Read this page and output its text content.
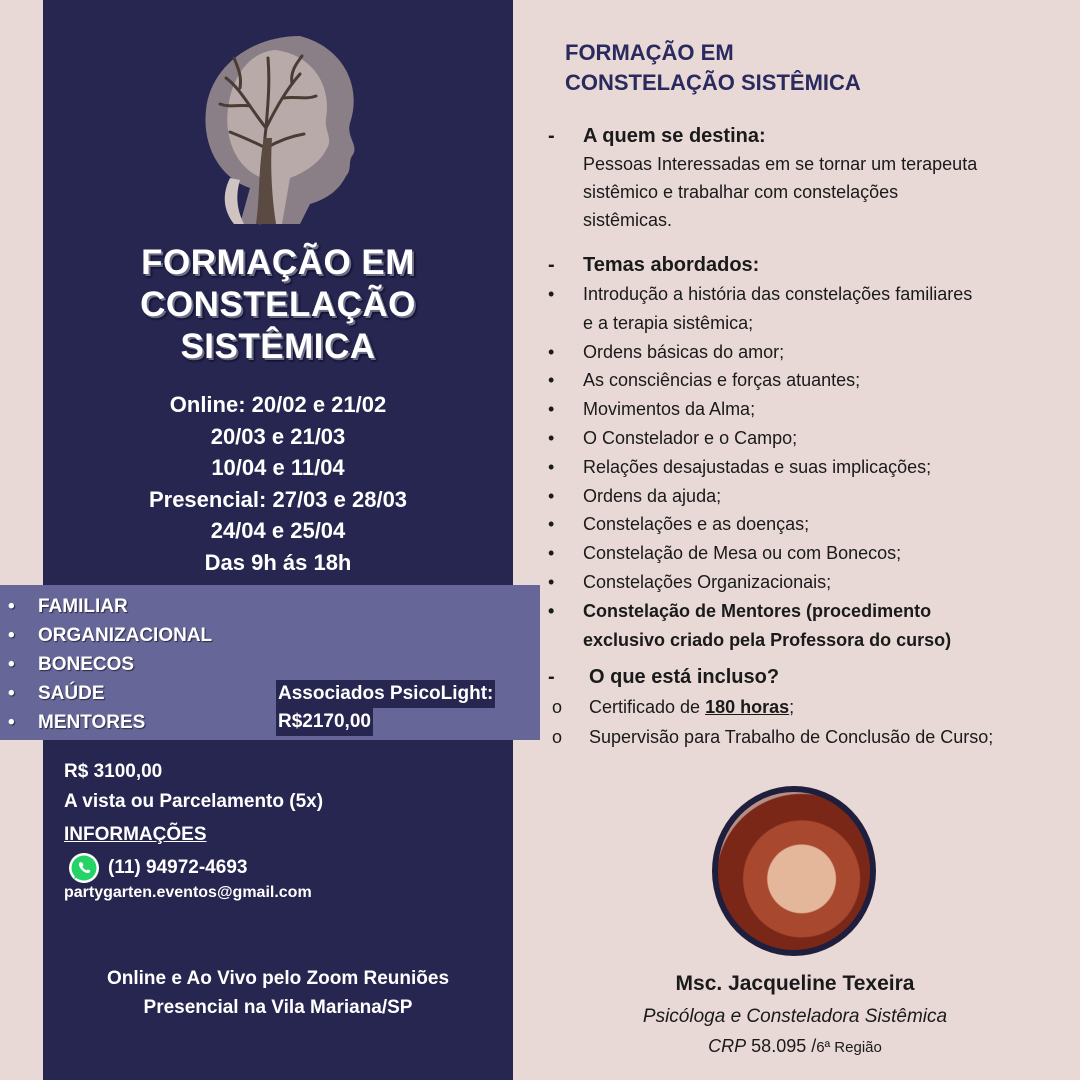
FORMAÇÃO EM
CONSTELAÇÃO
SISTÊMICA
Online: 20/02 e 21/02
20/03 e 21/03
10/04 e 11/04
Presencial: 27/03 e 28/03
24/04 e 25/04
Das 9h ás 18h
• FAMILIAR
• ORGANIZACIONAL
• BONECOS
• SAÚDE
• MENTORES
Associados PsicoLight:
R$2170,00
R$ 3100,00
A vista ou Parcelamento (5x)
INFORMAÇÕES
(11) 94972-4693
partygarten.eventos@gmail.com
Online e Ao Vivo pelo Zoom Reuniões
Presencial na Vila Mariana/SP
FORMAÇÃO EM
CONSTELAÇÃO SISTÊMICA
- A quem se destina:
Pessoas Interessadas em se tornar um terapeuta
sistêmico e trabalhar com constelações
sistêmicas.
- Temas abordados:
•	Introdução a história das constelações familiares
e a terapia sistêmica;
•	Ordens básicas do amor;
•	As consciências e forças atuantes;
•	Movimentos da Alma;
•	O Constelador e o Campo;
•	Relações desajustadas e suas implicações;
•	Ordens da ajuda;
•	Constelações e as doenças;
•	Constelação de Mesa ou com Bonecos;
•	Constelações Organizacionais;
•	Constelação de Mentores (procedimento
exclusivo criado pela Professora do curso)
- O que está incluso?
o Certificado de 180 horas;
o Supervisão para Trabalho de Conclusão de Curso;
Msc. Jacqueline Texeira
Psicóloga e Consteladora Sistêmica
CRP 58.095 /6ª Região
